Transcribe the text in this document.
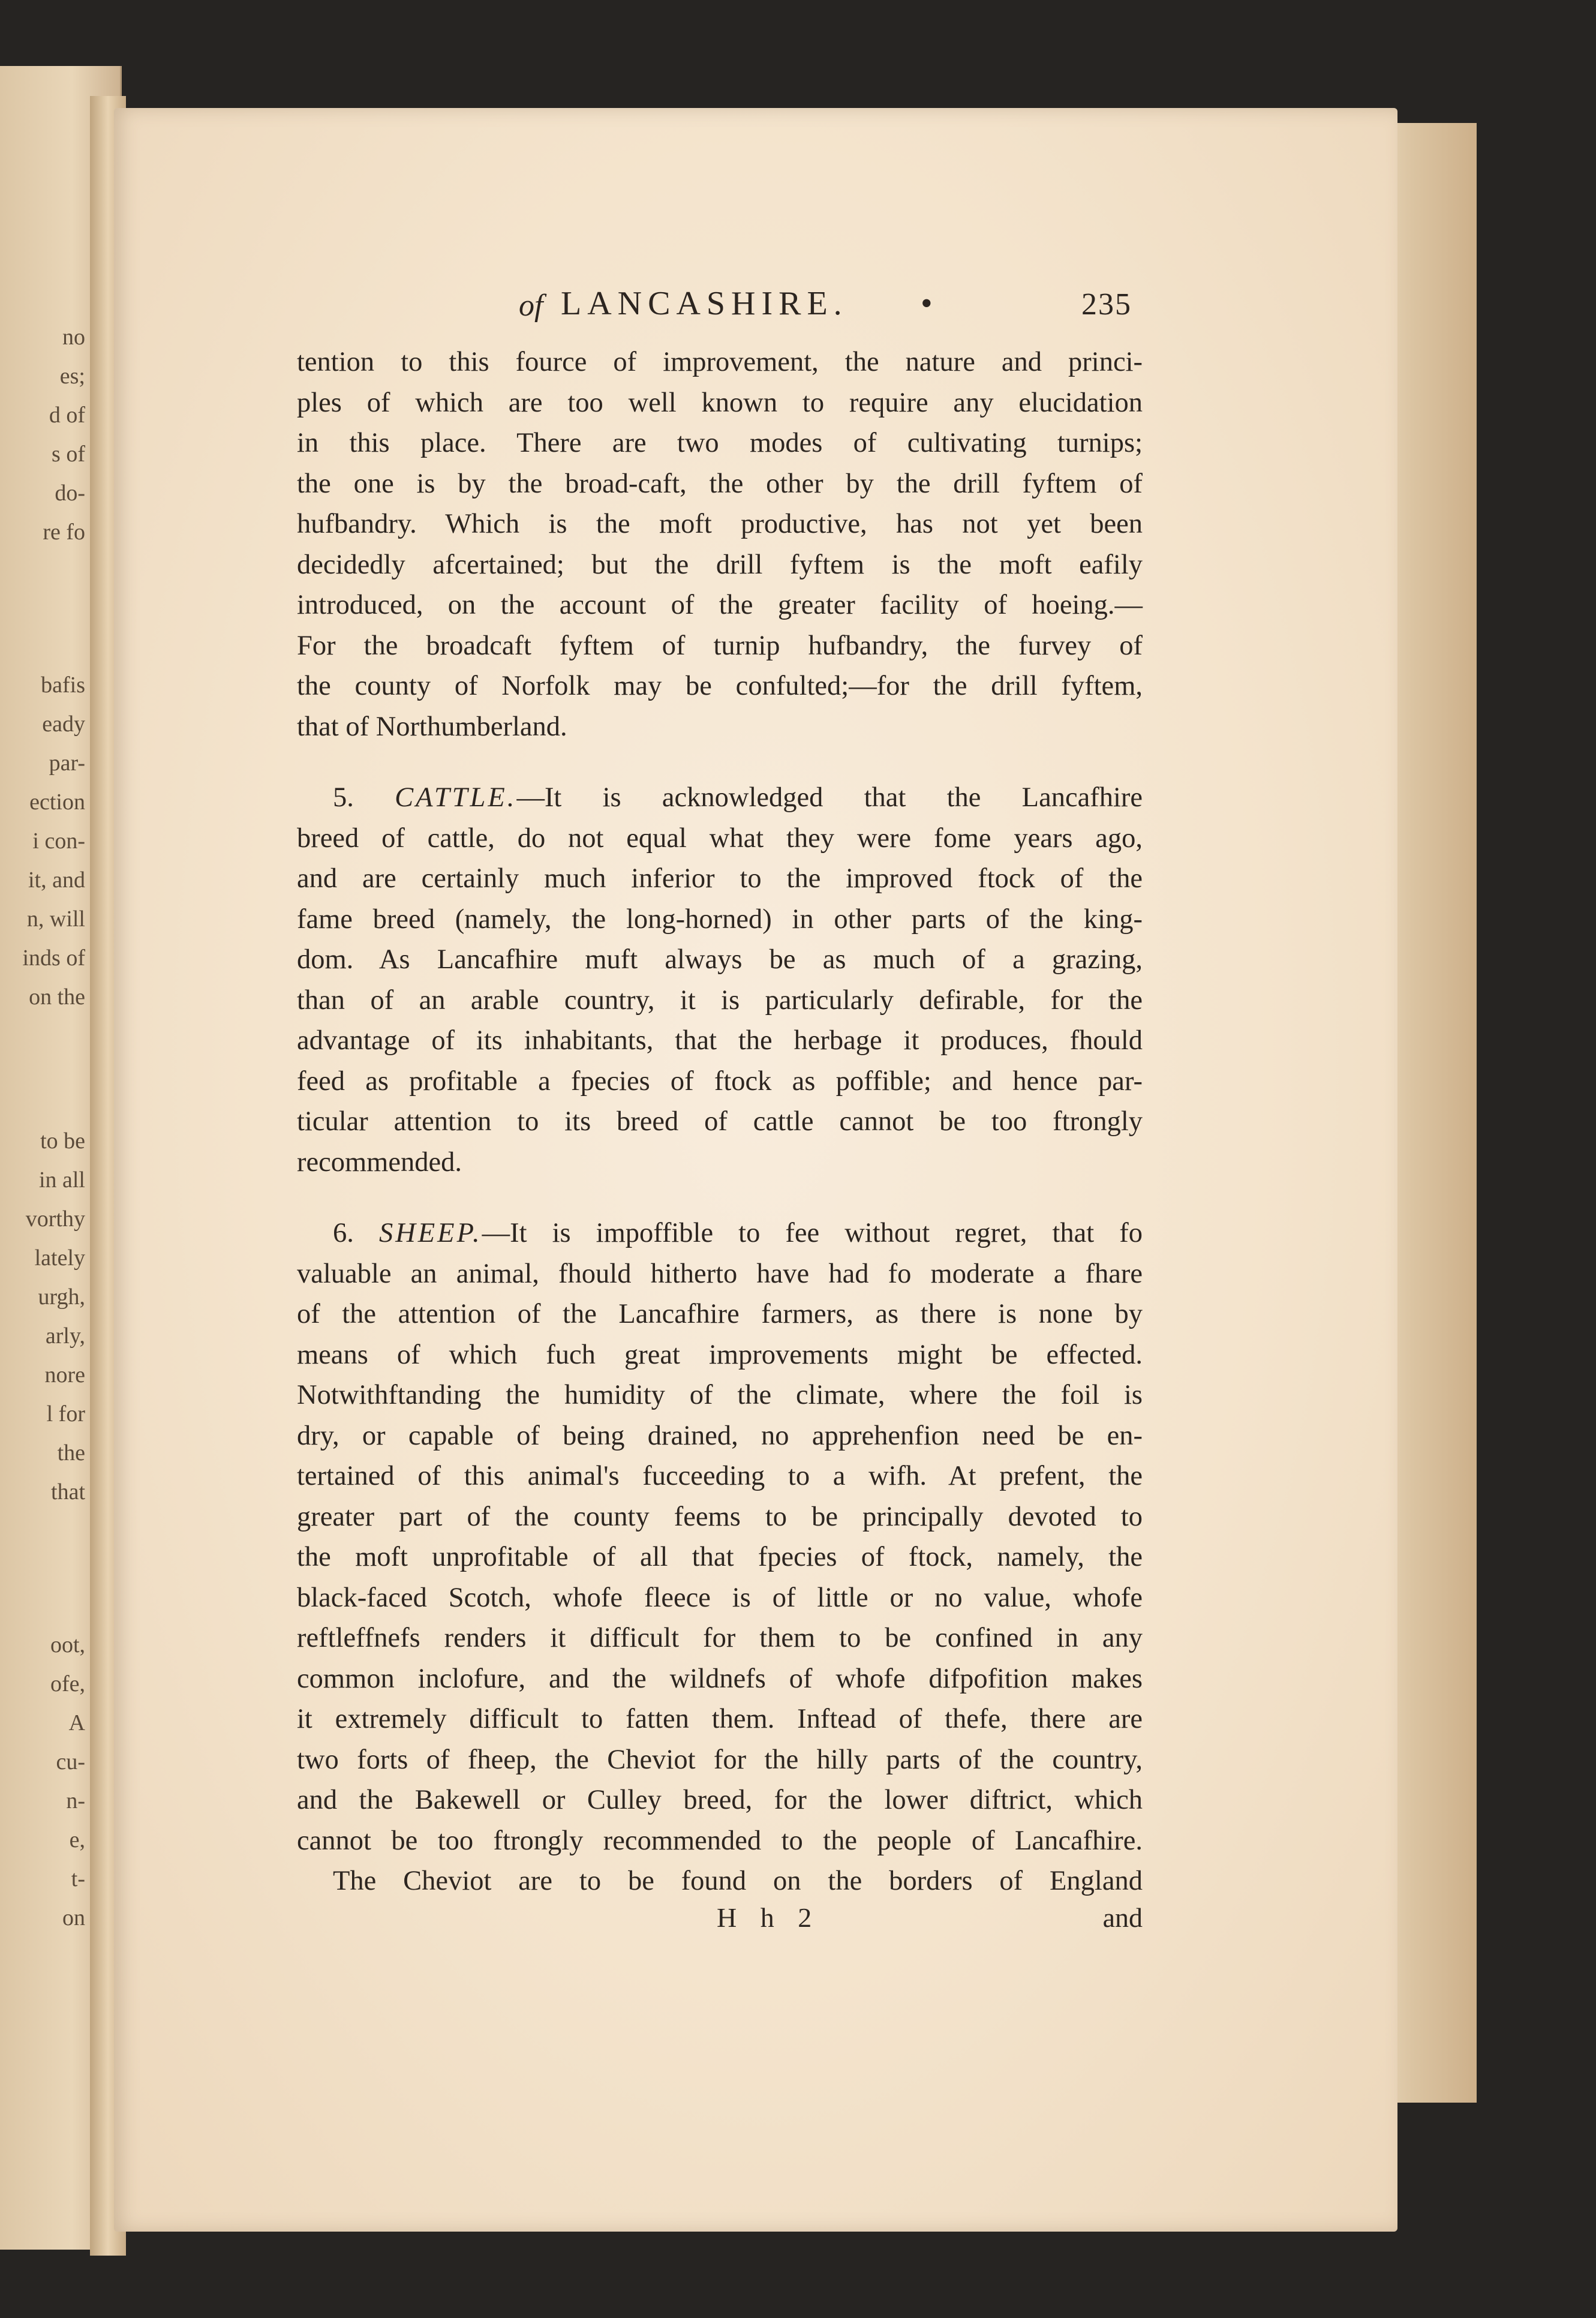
no
es;
d of
s of
do-
re fo
bafis
eady
par-
ection
i con-
it, and
n, will
inds of
on the
to be
in all
vorthy
lately
urgh,
arly,
nore
l for
the
that
oot,
ofe,
A
cu-
n-
e,
t-
on
of LANCASHIRE. •	235
tention to this fource of improvement, the nature and princi-
ples of which are too well known to require any elucidation
in this place. There are two modes of cultivating turnips;
the one is by the broad-caft, the other by the drill fyftem of
hufbandry. Which is the moft productive, has not yet been
decidedly afcertained; but the drill fyftem is the moft eafily
introduced, on the account of the greater facility of hoeing.—
For the broadcaft fyftem of turnip hufbandry, the furvey of
the county of Norfolk may be confulted;—for the drill fyftem,
that of Northumberland.
5. CATTLE.—It is acknowledged that the Lancafhire
breed of cattle, do not equal what they were fome years ago,
and are certainly much inferior to the improved ftock of the
fame breed (namely, the long-horned) in other parts of the king-
dom. As Lancafhire muft always be as much of a grazing,
than of an arable country, it is particularly defirable, for the
advantage of its inhabitants, that the herbage it produces, fhould
feed as profitable a fpecies of ftock as poffible; and hence par-
ticular attention to its breed of cattle cannot be too ftrongly
recommended.
6. SHEEP.—It is impoffible to fee without regret, that fo
valuable an animal, fhould hitherto have had fo moderate a fhare
of the attention of the Lancafhire farmers, as there is none by
means of which fuch great improvements might be effected.
Notwithftanding the humidity of the climate, where the foil is
dry, or capable of being drained, no apprehenfion need be en-
tertained of this animal's fucceeding to a wifh. At prefent, the
greater part of the county feems to be principally devoted to
the moft unprofitable of all that fpecies of ftock, namely, the
black-faced Scotch, whofe fleece is of little or no value, whofe
reftleffnefs renders it difficult for them to be confined in any
common inclofure, and the wildnefs of whofe difpofition makes
it extremely difficult to fatten them. Inftead of thefe, there are
two forts of fheep, the Cheviot for the hilly parts of the country,
and the Bakewell or Culley breed, for the lower diftrict, which
cannot be too ftrongly recommended to the people of Lancafhire.
The Cheviot are to be found on the borders of England
H h 2	and
